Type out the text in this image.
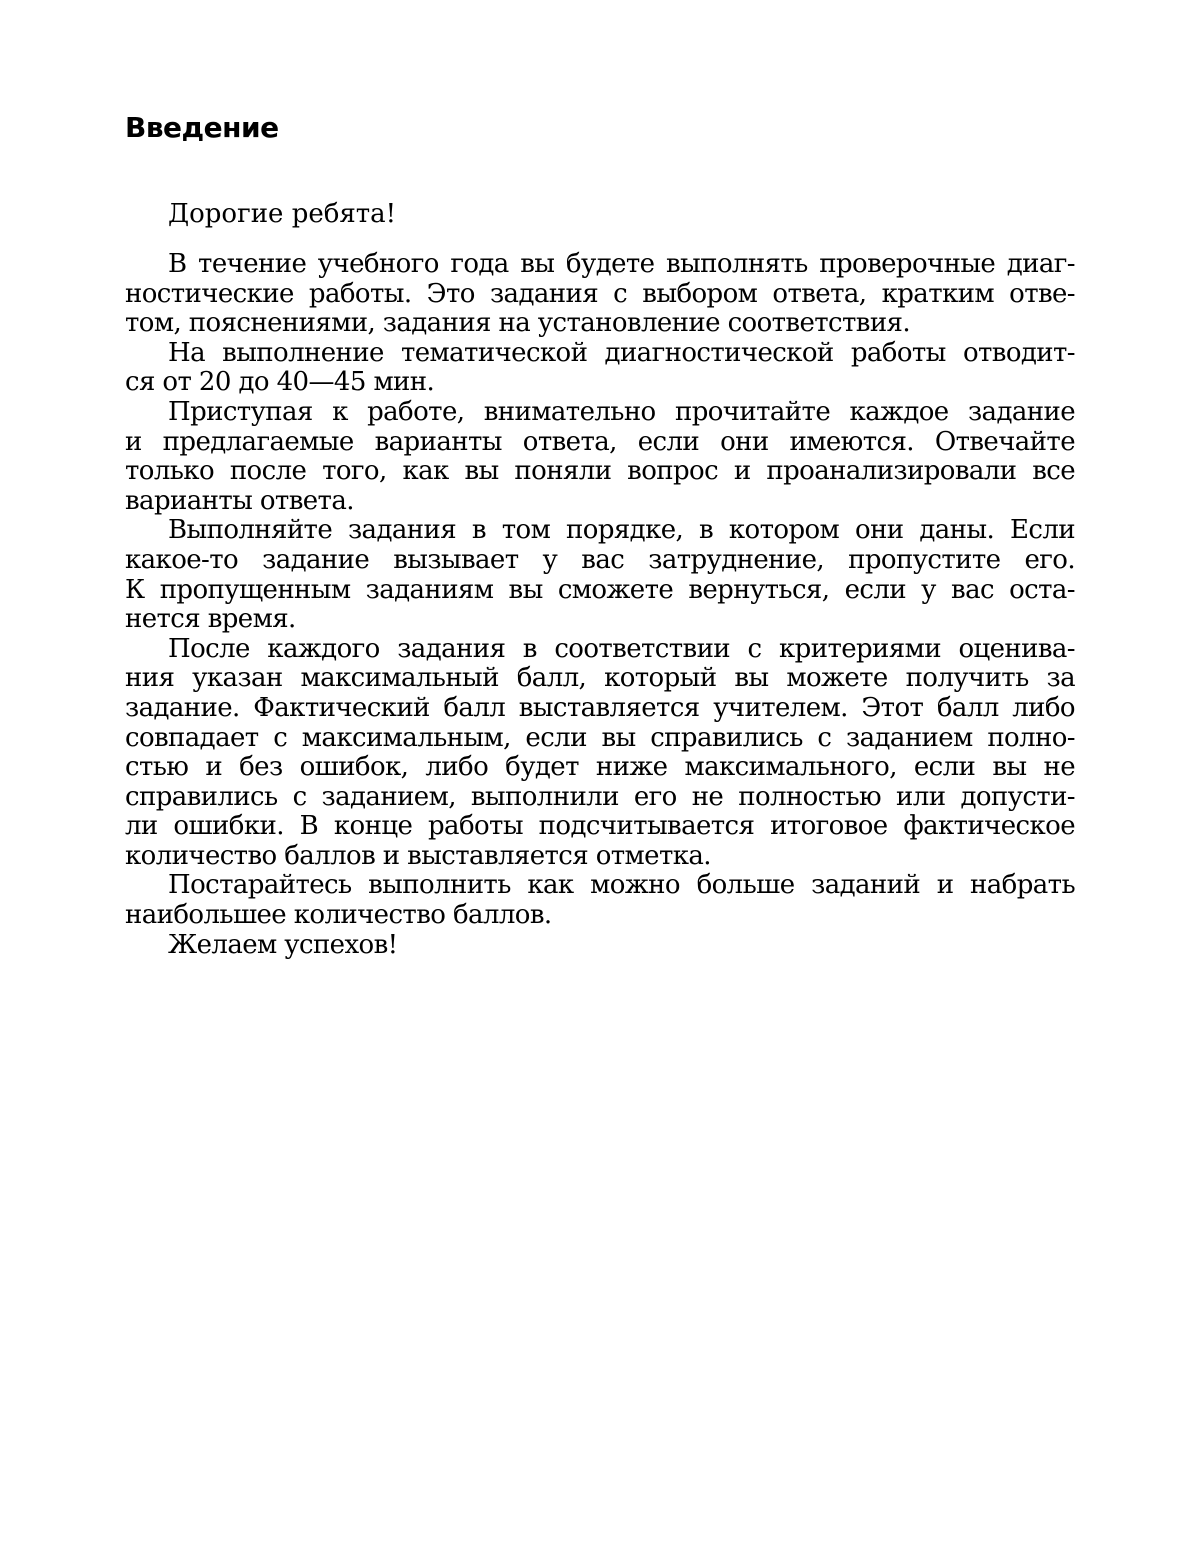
Введение

Дорогие ребята!

В течение учебного года вы будете выполнять проверочные диаг-
ностические работы. Это задания с выбором ответа, кратким отве-
том, пояснениями, задания на установление соответствия.
На выполнение тематической диагностической работы отводит-
ся от 20 до 40—45 мин.
Приступая к работе, внимательно прочитайте каждое задание
и предлагаемые варианты ответа, если они имеются. Отвечайте
только после того, как вы поняли вопрос и проанализировали все
варианты ответа.
Выполняйте задания в том порядке, в котором они даны. Если
какое-то задание вызывает у вас затруднение, пропустите его.
К пропущенным заданиям вы сможете вернуться, если у вас оста-
нется время.
После каждого задания в соответствии с критериями оценива-
ния указан максимальный балл, который вы можете получить за
задание. Фактический балл выставляется учителем. Этот балл либо
совпадает с максимальным, если вы справились с заданием полно-
стью и без ошибок, либо будет ниже максимального, если вы не
справились с заданием, выполнили его не полностью или допусти-
ли ошибки. В конце работы подсчитывается итоговое фактическое
количество баллов и выставляется отметка.
Постарайтесь выполнить как можно больше заданий и набрать
наибольшее количество баллов.
Желаем успехов!
